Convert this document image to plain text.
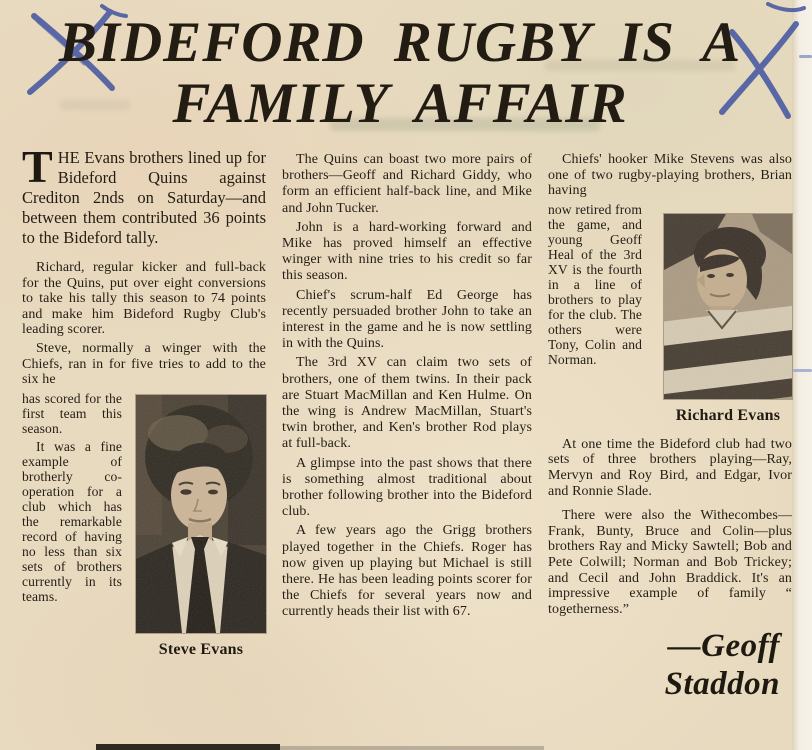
BIDEFORD RUGBY IS A
FAMILY AFFAIR

THE Evans brothers lined up for Bideford Quins against Crediton 2nds on Saturday—and between them contributed 36 points to the Bideford tally.

Richard, regular kicker and full-back for the Quins, put over eight conversions to take his tally this season to 74 points and make him Bideford Rugby Club's leading scorer.

Steve, normally a winger with the Chiefs, ran in for five tries to add to the six he

has scored for the first team this season.

It was a fine example of brotherly co-operation for a club which has the remarkable record of having no less than six sets of brothers currently in its teams.

Steve Evans

The Quins can boast two more pairs of brothers—Geoff and Richard Giddy, who form an efficient half-back line, and Mike and John Tucker.

John is a hard-working forward and Mike has proved himself an effective winger with nine tries to his credit so far this season.

Chief's scrum-half Ed George has recently persuaded brother John to take an interest in the game and he is now settling in with the Quins.

The 3rd XV can claim two sets of brothers, one of them twins. In their pack are Stuart MacMillan and Ken Hulme. On the wing is Andrew MacMillan, Stuart's twin brother, and Ken's brother Rod plays at full-back.

A glimpse into the past shows that there is something almost traditional about brother following brother into the Bideford club.

A few years ago the Grigg brothers played together in the Chiefs. Roger has now given up playing but Michael is still there. He has been leading points scorer for the Chiefs for several years now and currently heads their list with 67.

Chiefs' hooker Mike Stevens was also one of two rugby-playing brothers, Brian having

now retired from the game, and young Geoff Heal of the 3rd XV is the fourth in a line of brothers to play for the club. The others were Tony, Colin and Norman.

Richard Evans

At one time the Bideford club had two sets of three brothers playing—Ray, Mervyn and Roy Bird, and Edgar, Ivor and Ronnie Slade.

There were also the Withecombes—Frank, Bunty, Bruce and Colin—plus brothers Ray and Micky Sawtell; Bob and Pete Colwill; Norman and Bob Trickey; and Cecil and John Braddick. It's an impressive example of family “ togetherness.”

—Geoff Staddon
